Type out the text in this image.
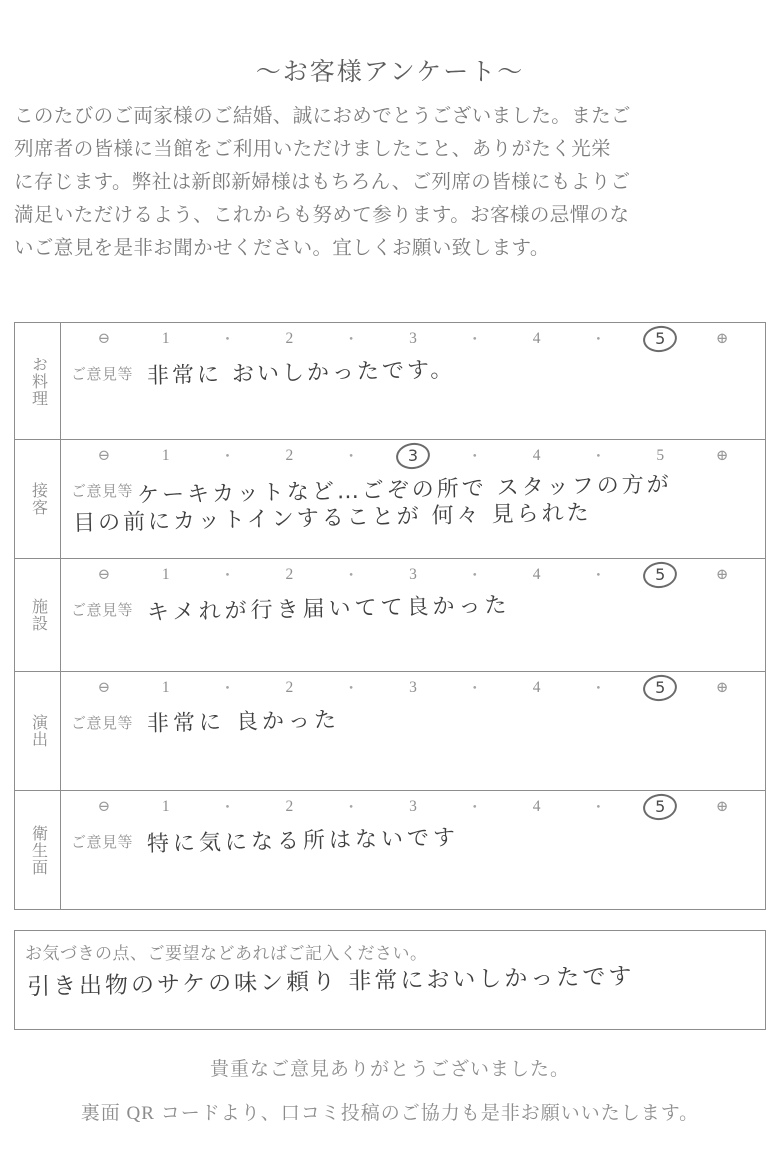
〜お客様アンケート〜
このたびのご両家様のご結婚、誠におめでとうございました。またご
列席者の皆様に当館をご利用いただけましたこと、ありがたく光栄
に存じます。弊社は新郎新婦様はもちろん、ご列席の皆様にもよりご
満足いただけるよう、これからも努めて参ります。お客様の忌憚のな
いご意見を是非お聞かせください。宜しくお願い致します。
お料理
⊖	1	・	2	・	3	・	4	・	5	⊕
ご意見等 非常に おいしかったです。
接客
⊖	1	・	2	・	3	・	4	・	5	⊕
ご意見等 ケーキカットなど…ごぞの所で スタッフの方が
目の前にカットインすることが 何々 見られた
施設
⊖	1	・	2	・	3	・	4	・	5	⊕
ご意見等 キメれが行き届いてて良かった
演出
⊖	1	・	2	・	3	・	4	・	5	⊕
ご意見等 非常に 良かった
衛生面
⊖	1	・	2	・	3	・	4	・	5	⊕
ご意見等 特に気になる所はないです
お気づきの点、ご要望などあればご記入ください。
引き出物のサケの味ン頼り 非常においしかったです
貴重なご意見ありがとうございました。
裏面 QR コードより、口コミ投稿のご協力も是非お願いいたします。
